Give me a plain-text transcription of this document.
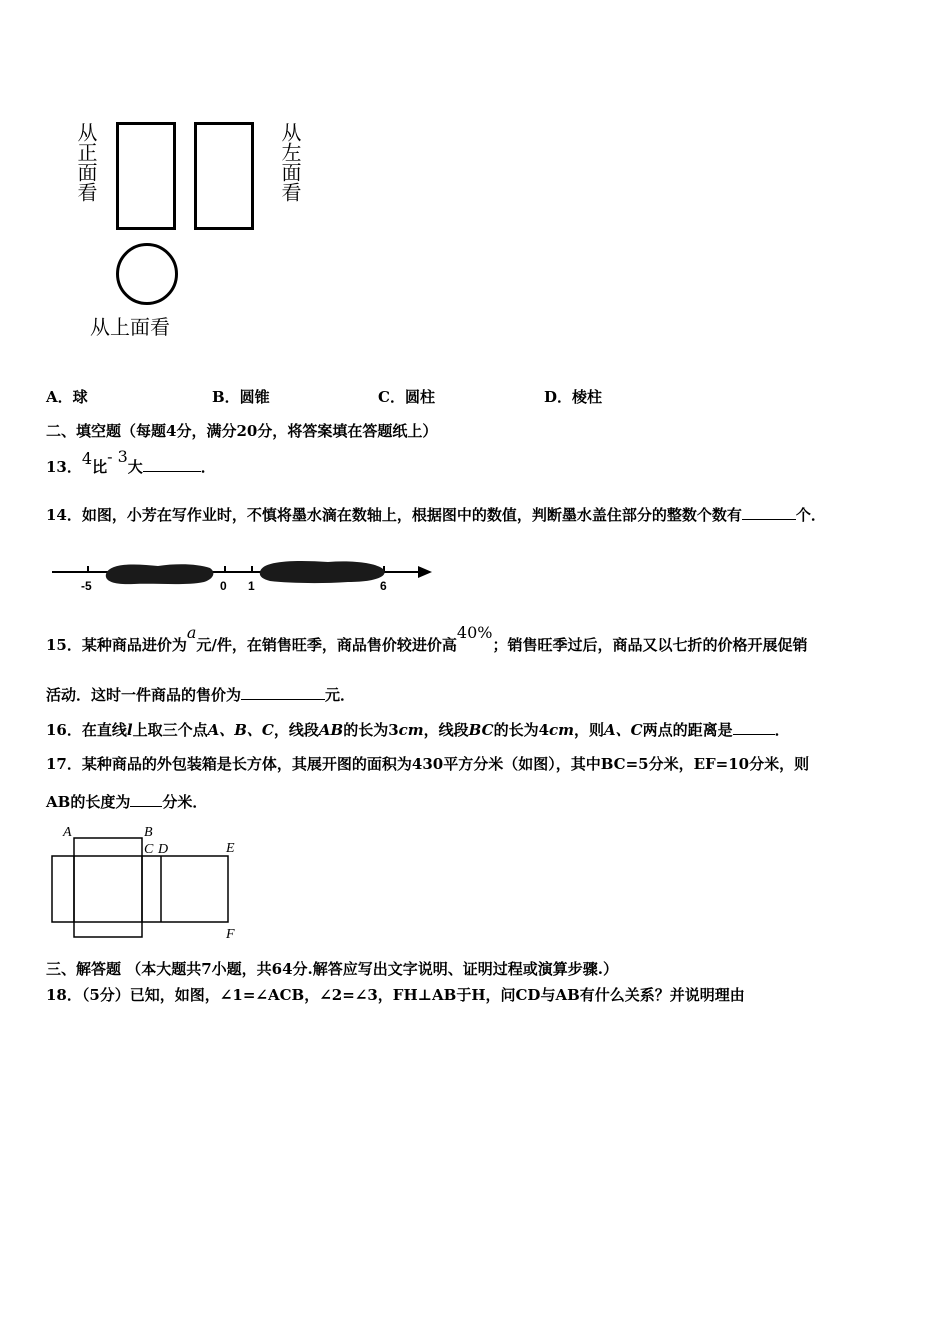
从正面看	从左面看
从上面看
A．球	B．圆锥	C．圆柱	D．棱柱
二、填空题（每题4分，满分20分，将答案填在答题纸上）
13．4比- 3大	．
14．如图，小芳在写作业时，不慎将墨水滴在数轴上，根据图中的数值，判断墨水盖住部分的整数个数有	个．
-5	0 1	6
15．某种商品进价为a元/件，在销售旺季，商品售价较进价高40%；销售旺季过后，商品又以七折的价格开展促销
活动．这时一件商品的售价为	元．
16．在直线l上取三个点A、B、C，线段AB的长为3cm，线段BC的长为4cm，则A、C两点的距离是	．
17．某种商品的外包装箱是长方体，其展开图的面积为430平方分米（如图），其中BC=5分米，EF=10分米，则
AB的长度为 分米．
A	B
C D	E
F
三、解答题 （本大题共7小题，共64分.解答应写出文字说明、证明过程或演算步骤.）
18．（5分）已知，如图，∠1=∠ACB，∠2=∠3，FH⊥AB于H，问CD与AB有什么关系？并说明理由
